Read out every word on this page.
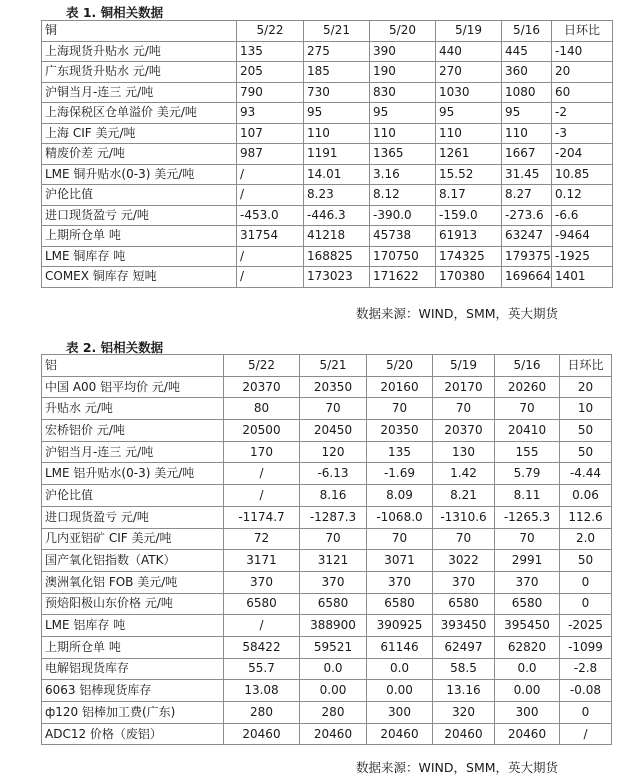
表 1. 铜相关数据
铜	5/22	5/21	5/20	5/19	5/16	日环比
上海现货升贴水 元/吨	135	275	390	440	445	-140
广东现货升贴水 元/吨	205	185	190	270	360	20
沪铜当月-连三 元/吨	790	730	830	1030	1080	60
上海保税区仓单溢价 美元/吨	93	95	95	95	95	-2
上海 CIF 美元/吨	107	110	110	110	110	-3
精废价差 元/吨	987	1191	1365	1261	1667	-204
LME 铜升贴水(0-3) 美元/吨	/	14.01	3.16	15.52	31.45	10.85
沪伦比值	/	8.23	8.12	8.17	8.27	0.12
进口现货盈亏 元/吨	-453.0	-446.3	-390.0	-159.0	-273.6	-6.6
上期所仓单 吨	31754	41218	45738	61913	63247	-9464
LME 铜库存 吨	/	168825	170750	174325	179375	-1925
COMEX 铜库存 短吨	/	173023	171622	170380	169664	1401
数据来源：WIND，SMM，英大期货
表 2. 铝相关数据
铝	5/22	5/21	5/20	5/19	5/16	日环比
中国 A00 铝平均价 元/吨	20370	20350	20160	20170	20260	20
升贴水 元/吨	80	70	70	70	70	10
宏桥铝价 元/吨	20500	20450	20350	20370	20410	50
沪铝当月-连三 元/吨	170	120	135	130	155	50
LME 铝升贴水(0-3) 美元/吨	/	-6.13	-1.69	1.42	5.79	-4.44
沪伦比值	/	8.16	8.09	8.21	8.11	0.06
进口现货盈亏 元/吨	-1174.7	-1287.3	-1068.0	-1310.6	-1265.3	112.6
几内亚铝矿 CIF 美元/吨	72	70	70	70	70	2.0
国产氧化铝指数（ATK）	3171	3121	3071	3022	2991	50
澳洲氧化铝 FOB 美元/吨	370	370	370	370	370	0
预焙阳极山东价格 元/吨	6580	6580	6580	6580	6580	0
LME 铝库存 吨	/	388900	390925	393450	395450	-2025
上期所仓单 吨	58422	59521	61146	62497	62820	-1099
电解铝现货库存	55.7	0.0	0.0	58.5	0.0	-2.8
6063 铝棒现货库存	13.08	0.00	0.00	13.16	0.00	-0.08
ф120 铝棒加工费(广东)	280	280	300	320	300	0
ADC12 价格（废铝）	20460	20460	20460	20460	20460	/
数据来源：WIND，SMM，英大期货
